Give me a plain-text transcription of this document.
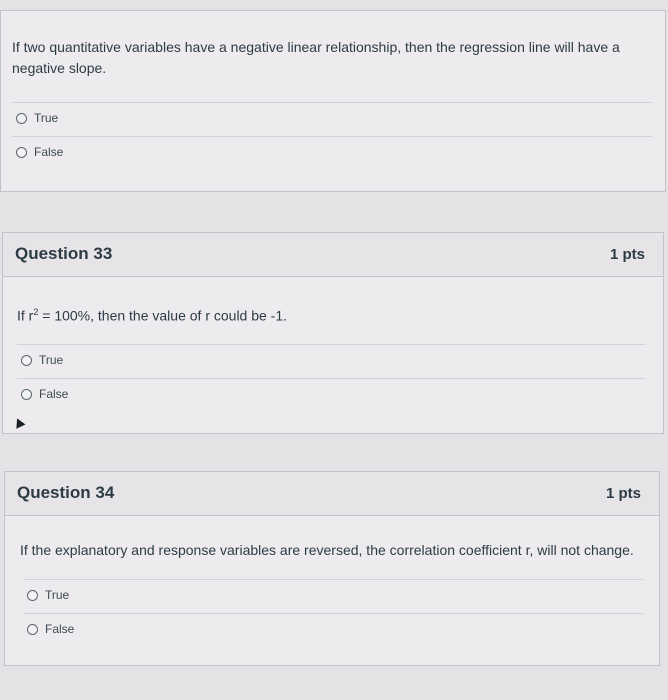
If two quantitative variables have a negative linear relationship, then the regression line will have a negative slope.
True
False
Question 33	1 pts
If $r^2 = 100\%$, then the value of r could be -1.
True
False
Question 34	1 pts
If the explanatory and response variables are reversed, the correlation coefficient r, will not change.
True
False
